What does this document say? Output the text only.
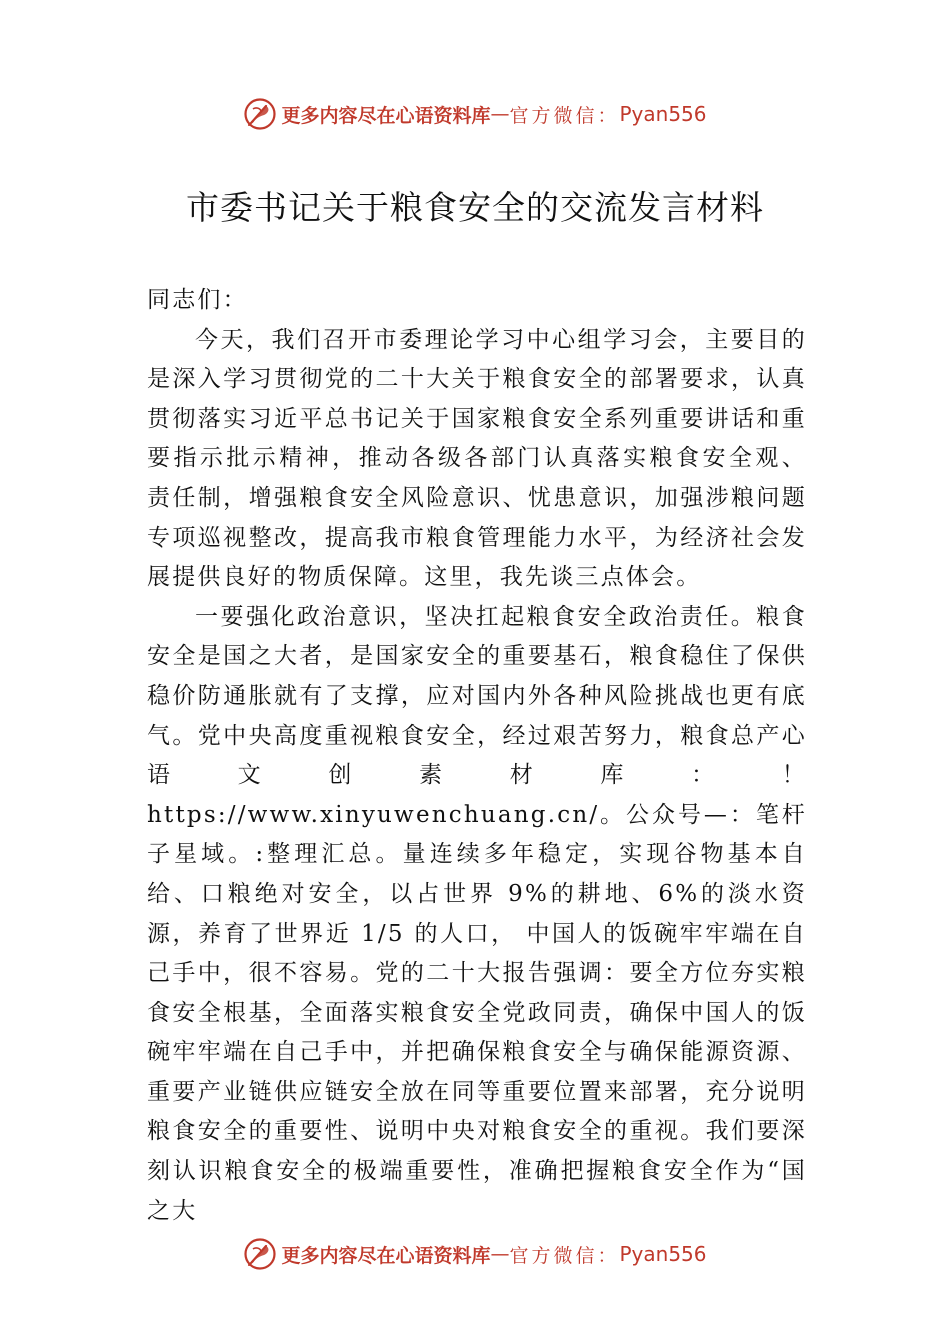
更多内容尽在心语资料库 — 官方微信： Pyan556
市委书记关于粮食安全的交流发言材料

同志们：

今天，我们召开市委理论学习中心组学习会，主要目的是深入学习贯彻党的二十大关于粮食安全的部署要求，认真贯彻落实习近平总书记关于国家粮食安全系列重要讲话和重要指示批示精神，推动各级各部门认真落实粮食安全观、 责任制，增强粮食安全风险意识、忧患意识，加强涉粮问题专项巡视整改，提高我市粮食管理能力水平，为经济社会发展提供良好的物质保障。这里，我先谈三点体会。

一要强化政治意识，坚决扛起粮食安全政治责任。粮食安全是国之大者，是国家安全的重要基石，粮食稳住了保供稳价防通胀就有了支撑，应对国内外各种风险挑战也更有底气。党中央高度重视粮食安全，经过艰苦努力，粮食总产心语文创素材库：！https://www.xinyuwenchuang.cn/。公众号—：笔杆子星域。:整理汇总。量连续多年稳定，实现谷物基本自给、口粮绝对安全，以占世界 9%的耕地、6%的淡水资源，养育了世界近 1/5 的人口， 中国人的饭碗牢牢端在自己手中，很不容易。党的二十大报告强调：要全方位夯实粮食安全根基，全面落实粮食安全党政同责，确保中国人的饭碗牢牢端在自己手中，并把确保粮食安全与确保能源资源、重要产业链供应链安全放在同等重要位置来部署，充分说明粮食安全的重要性、说明中央对粮食安全的重视。我们要深刻认识粮食安全的极端重要性，准确把握粮食安全作为“国之大

更多内容尽在心语资料库 — 官方微信： Pyan556
